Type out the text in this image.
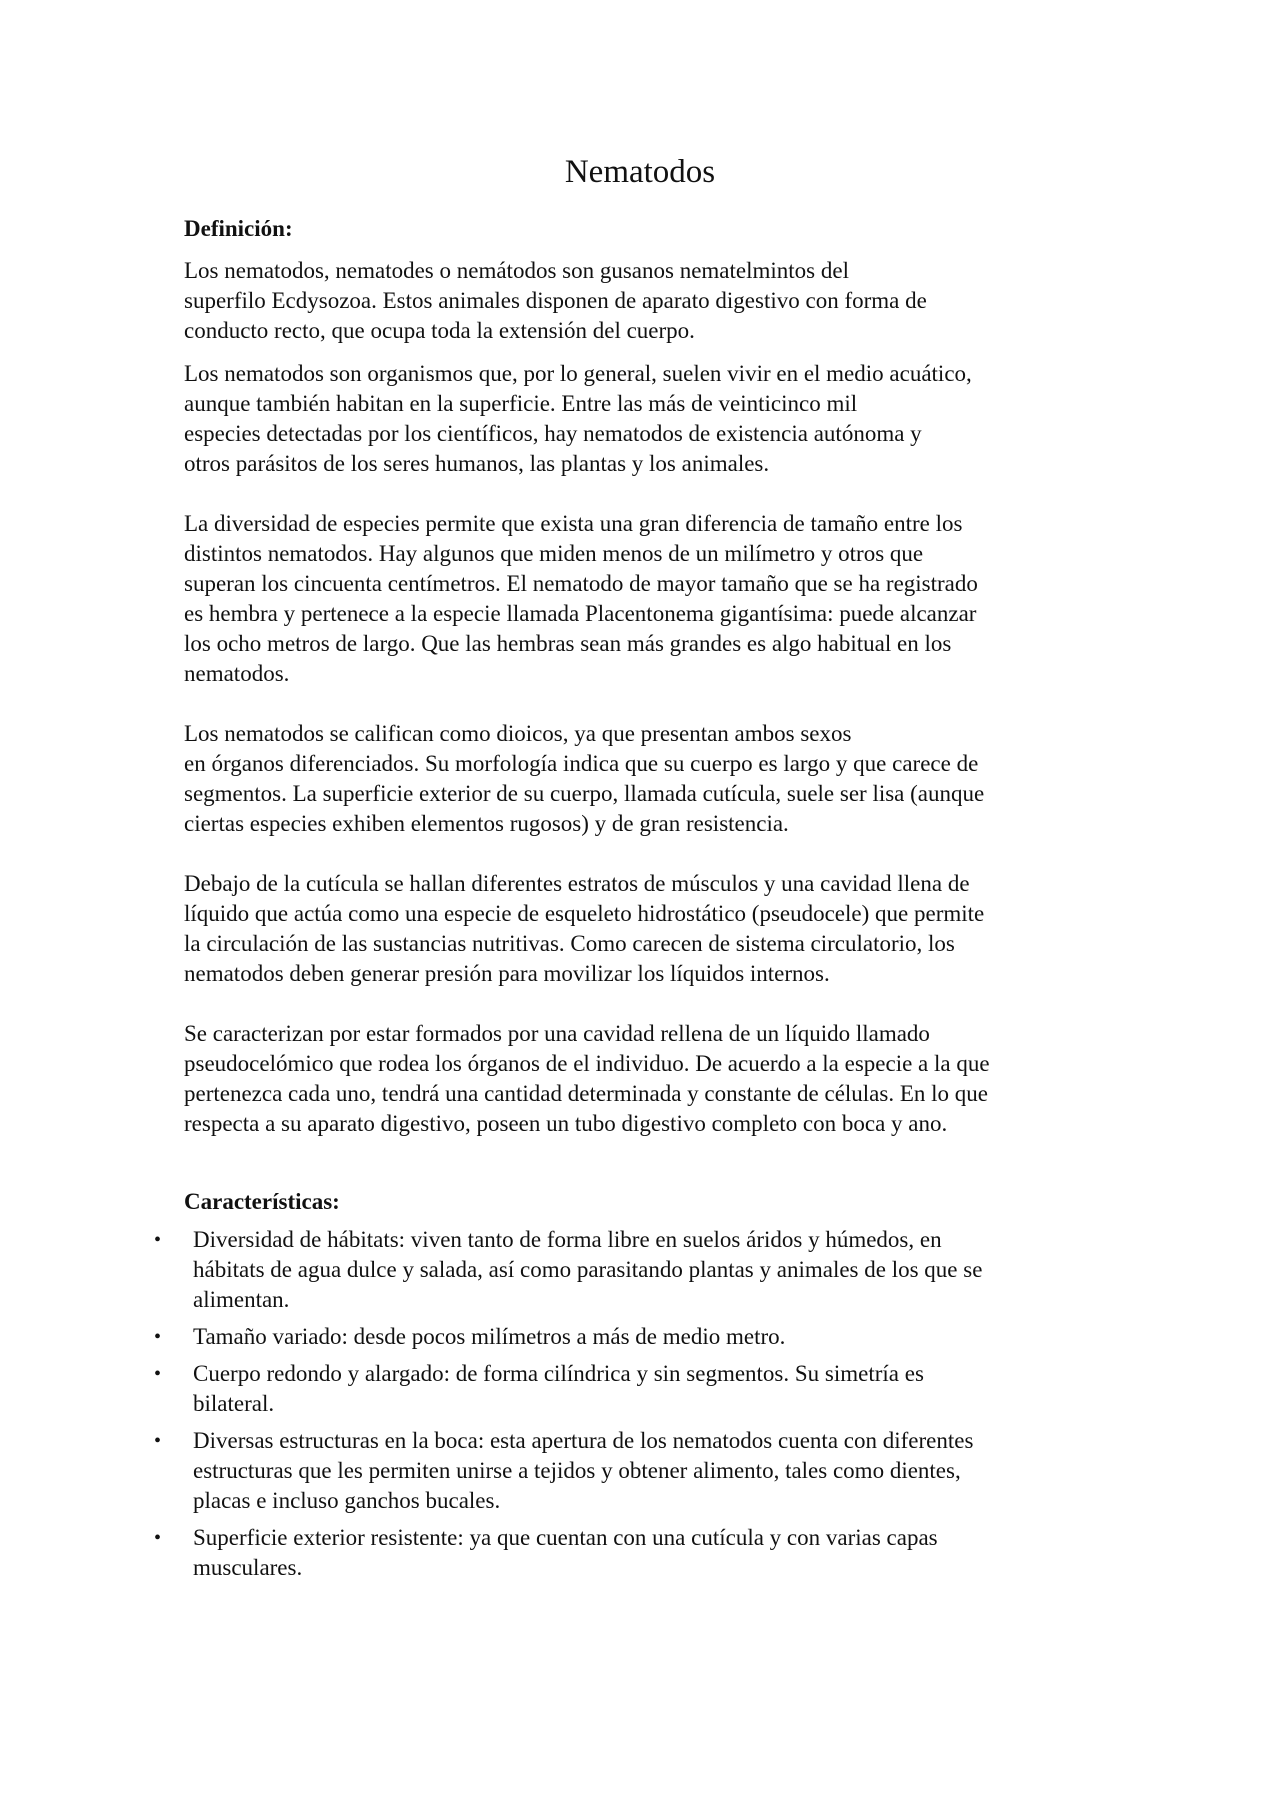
Nematodos
Definición:

Los nematodos, nematodes o nemátodos son gusanos nematelmintos del
superfilo Ecdysozoa. Estos animales disponen de aparato digestivo con forma de
conducto recto, que ocupa toda la extensión del cuerpo.

Los nematodos son organismos que, por lo general, suelen vivir en el medio acuático,
aunque también habitan en la superficie. Entre las más de veinticinco mil
especies detectadas por los científicos, hay nematodos de existencia autónoma y
otros parásitos de los seres humanos, las plantas y los animales.

La diversidad de especies permite que exista una gran diferencia de tamaño entre los
distintos nematodos. Hay algunos que miden menos de un milímetro y otros que
superan los cincuenta centímetros. El nematodo de mayor tamaño que se ha registrado
es hembra y pertenece a la especie llamada Placentonema gigantísima: puede alcanzar
los ocho metros de largo. Que las hembras sean más grandes es algo habitual en los
nematodos.

Los nematodos se califican como dioicos, ya que presentan ambos sexos
en órganos diferenciados. Su morfología indica que su cuerpo es largo y que carece de
segmentos. La superficie exterior de su cuerpo, llamada cutícula, suele ser lisa (aunque
ciertas especies exhiben elementos rugosos) y de gran resistencia.

Debajo de la cutícula se hallan diferentes estratos de músculos y una cavidad llena de
líquido que actúa como una especie de esqueleto hidrostático (pseudocele) que permite
la circulación de las sustancias nutritivas. Como carecen de sistema circulatorio, los
nematodos deben generar presión para movilizar los líquidos internos.

Se caracterizan por estar formados por una cavidad rellena de un líquido llamado
pseudocelómico que rodea los órganos de el individuo. De acuerdo a la especie a la que
pertenezca cada uno, tendrá una cantidad determinada y constante de células. En lo que
respecta a su aparato digestivo, poseen un tubo digestivo completo con boca y ano.

Características:
• Diversidad de hábitats: viven tanto de forma libre en suelos áridos y húmedos, en
hábitats de agua dulce y salada, así como parasitando plantas y animales de los que se
alimentan.
• Tamaño variado: desde pocos milímetros a más de medio metro.
• Cuerpo redondo y alargado: de forma cilíndrica y sin segmentos. Su simetría es
bilateral.
• Diversas estructuras en la boca: esta apertura de los nematodos cuenta con diferentes
estructuras que les permiten unirse a tejidos y obtener alimento, tales como dientes,
placas e incluso ganchos bucales.
• Superficie exterior resistente: ya que cuentan con una cutícula y con varias capas
musculares.
